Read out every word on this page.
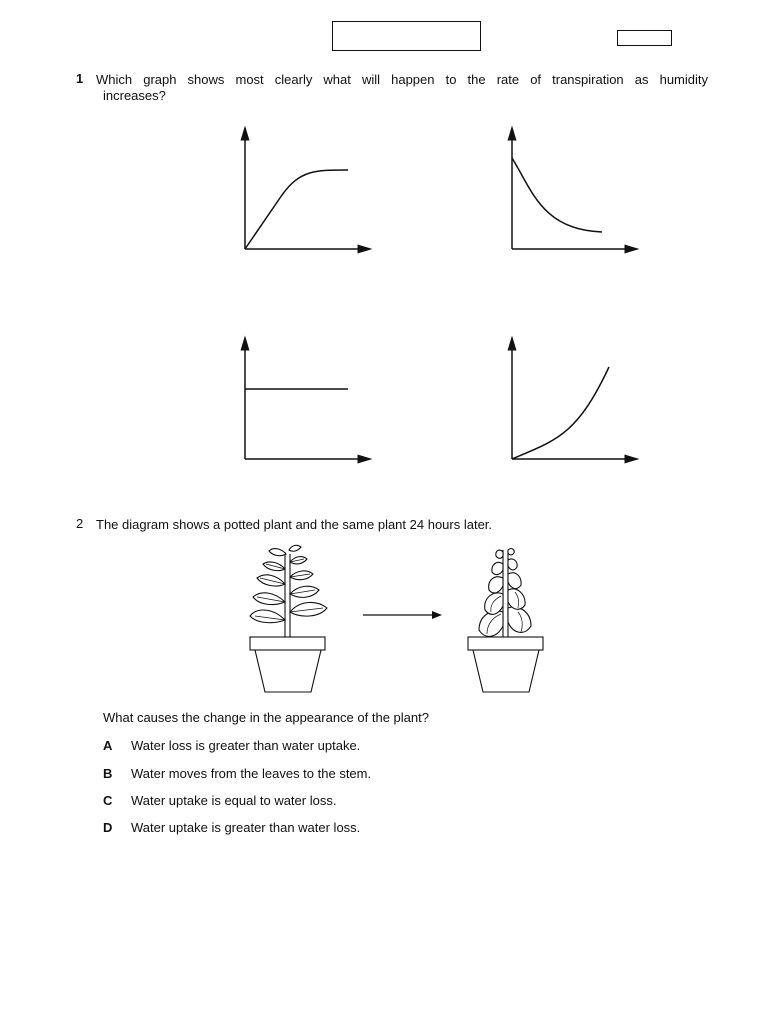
1 Which graph shows most clearly what will happen to the rate of transpiration as humidity
increases?
2 The diagram shows a potted plant and the same plant 24 hours later.
What causes the change in the appearance of the plant?
A Water loss is greater than water uptake.
B Water moves from the leaves to the stem.
C Water uptake is equal to water loss.
D Water uptake is greater than water loss.
